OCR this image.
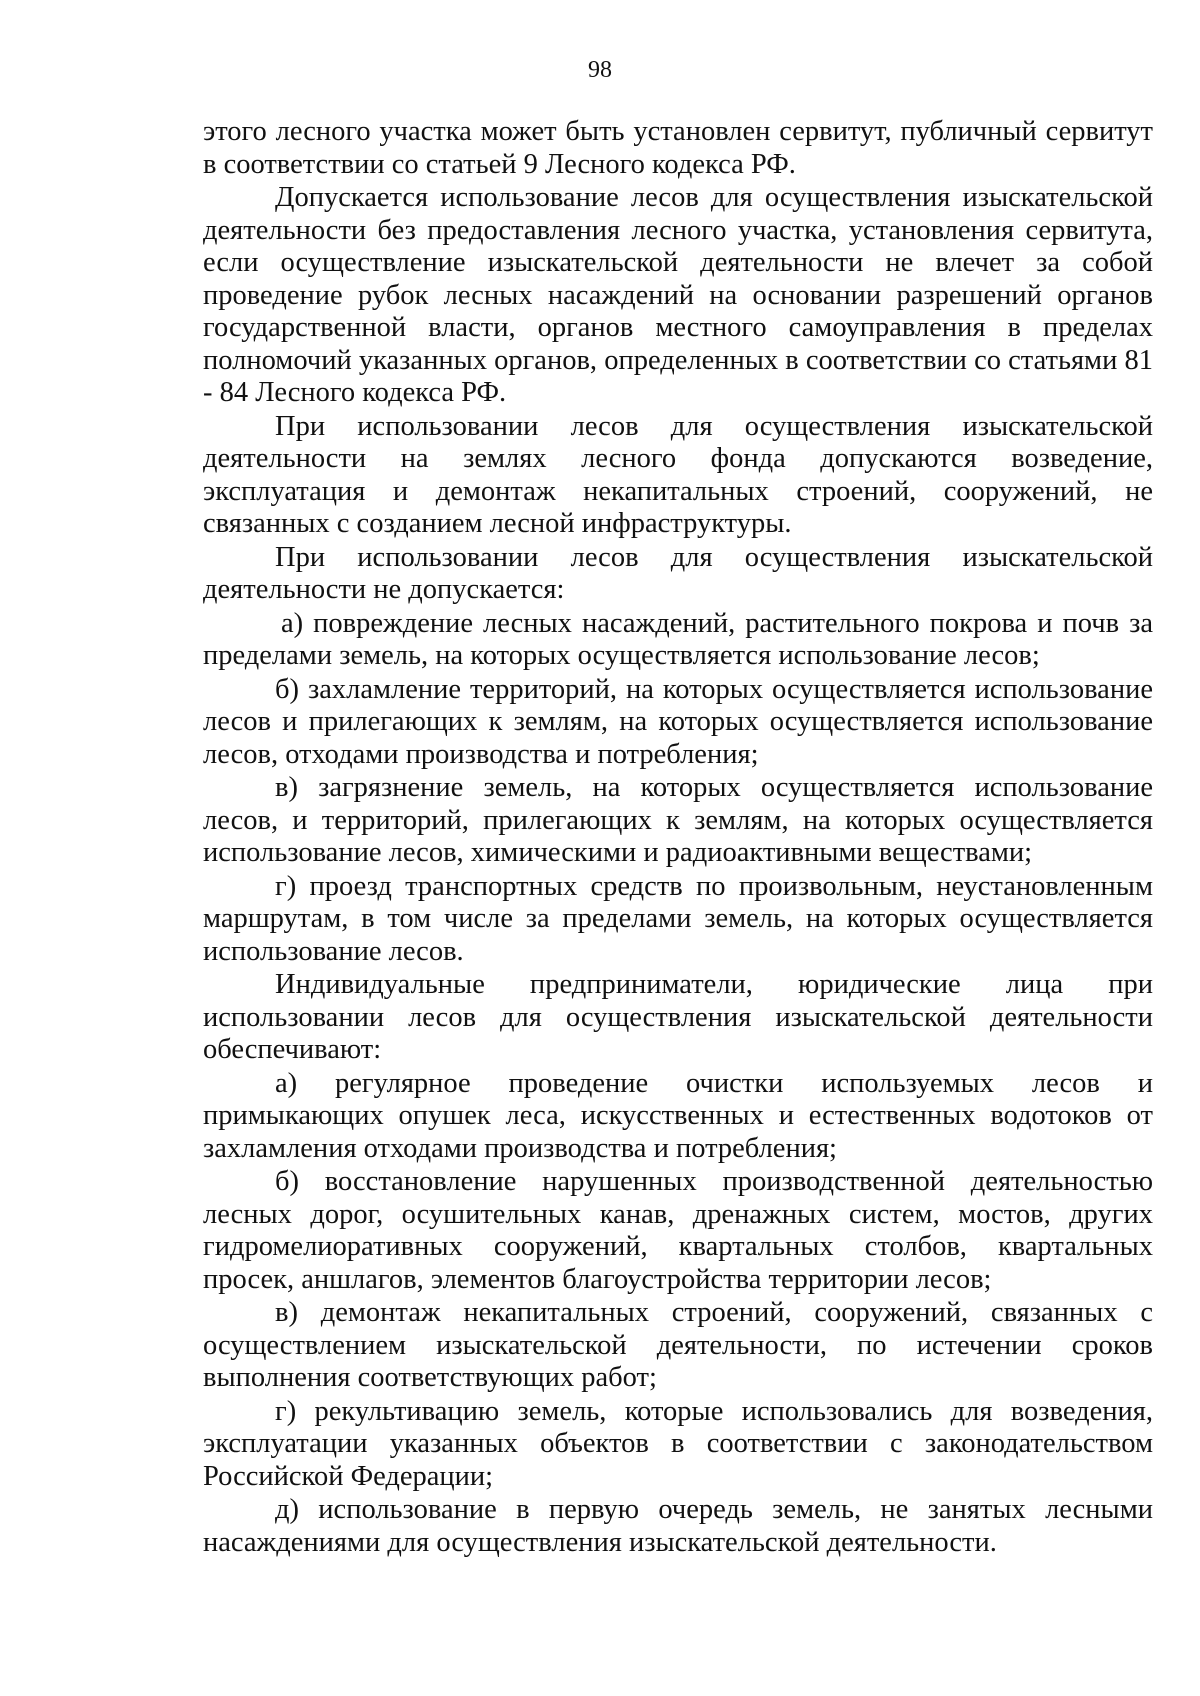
98

этого лесного участка может быть установлен сервитут, публичный сервитут в соответствии со статьей 9 Лесного кодекса РФ.

Допускается использование лесов для осуществления изыскательской деятельности без предоставления лесного участка, установления сервитута, если осуществление изыскательской деятельности не влечет за собой проведение рубок лесных насаждений на основании разрешений органов государственной власти, органов местного самоуправления в пределах полномочий указанных органов, определенных в соответствии со статьями 81 - 84 Лесного кодекса РФ.

При использовании лесов для осуществления изыскательской деятельности на землях лесного фонда допускаются возведение, эксплуатация и демонтаж некапитальных строений, сооружений, не связанных с созданием лесной инфраструктуры.

При использовании лесов для осуществления изыскательской деятельности не допускается:

а) повреждение лесных насаждений, растительного покрова и почв за пределами земель, на которых осуществляется использование лесов;

б) захламление территорий, на которых осуществляется использование лесов и прилегающих к землям, на которых осуществляется использование лесов, отходами производства и потребления;

в) загрязнение земель, на которых осуществляется использование лесов, и территорий, прилегающих к землям, на которых осуществляется использование лесов, химическими и радиоактивными веществами;

г) проезд транспортных средств по произвольным, неустановленным маршрутам, в том числе за пределами земель, на которых осуществляется использование лесов.

Индивидуальные предприниматели, юридические лица при использовании лесов для осуществления изыскательской деятельности обеспечивают:

а) регулярное проведение очистки используемых лесов и примыкающих опушек леса, искусственных и естественных водотоков от захламления отходами производства и потребления;

б) восстановление нарушенных производственной деятельностью лесных дорог, осушительных канав, дренажных систем, мостов, других гидромелиоративных сооружений, квартальных столбов, квартальных просек, аншлагов, элементов благоустройства территории лесов;

в) демонтаж некапитальных строений, сооружений, связанных с осуществлением изыскательской деятельности, по истечении сроков выполнения соответствующих работ;

г) рекультивацию земель, которые использовались для возведения, эксплуатации указанных объектов в соответствии с законодательством Российской Федерации;

д) использование в первую очередь земель, не занятых лесными насаждениями для осуществления изыскательской деятельности.
